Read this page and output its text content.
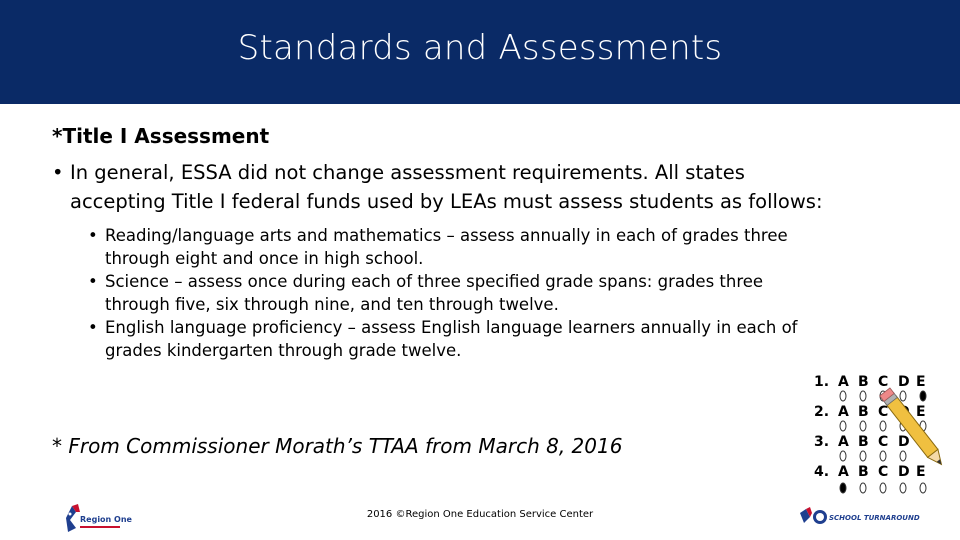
Standards and Assessments

*Title I Assessment

• In general, ESSA did not change assessment requirements. All states accepting Title I federal funds used by LEAs must assess students as follows:
• Reading/language arts and mathematics – assess annually in each of grades three through eight and once in high school.
• Science – assess once during each of three specified grade spans: grades three through five, six through nine, and ten through twelve.
• English language proficiency – assess English language learners annually in each of grades kindergarten through grade twelve.
* From Commissioner Morath’s TTAA from March 8, 2016
1. A B C D E
2. A B C E
3. A B C D
4. A B C D E
Region One	2016 ©Region One Education Service Center	SCHOOL TURNAROUND
